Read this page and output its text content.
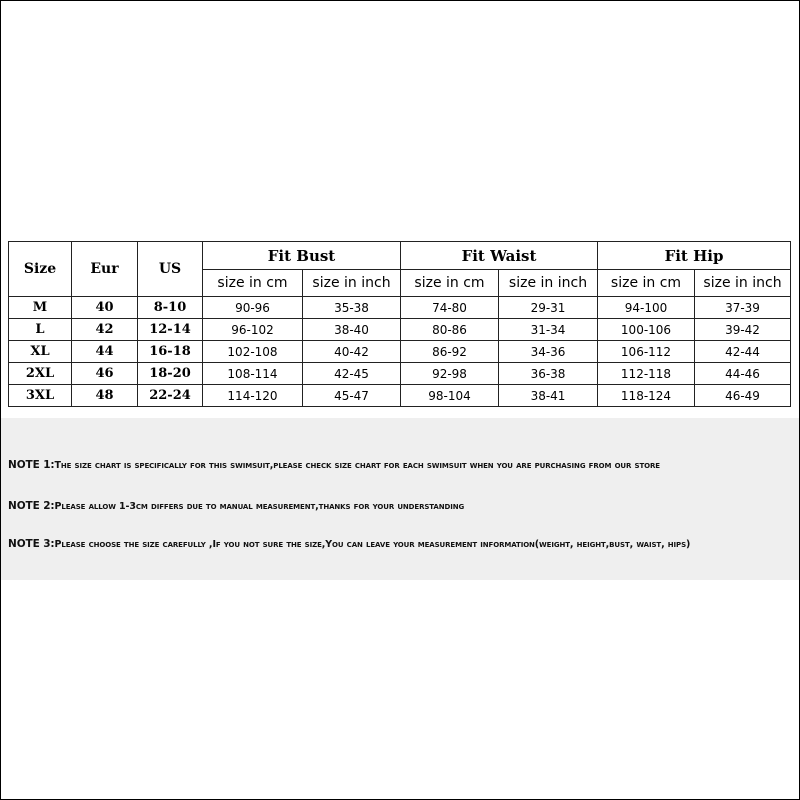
Size	Eur	US	Fit Bust		Fit Waist		Fit Hip	
			size in cm	size in inch	size in cm	size in inch	size in cm	size in inch
M	40	8-10	90-96	35-38	74-80	29-31	94-100	37-39
L	42	12-14	96-102	38-40	80-86	31-34	100-106	39-42
XL	44	16-18	102-108	40-42	86-92	34-36	106-112	42-44
2XL	46	18-20	108-114	42-45	92-98	36-38	112-118	44-46
3XL	48	22-24	114-120	45-47	98-104	38-41	118-124	46-49
NOTE 1:The size chart is specifically for this swimsuit,please check size chart for each swimsuit when you are purchasing from our store
NOTE 2:Please allow 1-3cm differs due to manual measurement,thanks for your understanding
NOTE 3:Please choose the size carefully ,If you not sure the size,You can leave your measurement information(weight, height,bust, waist, hips)
